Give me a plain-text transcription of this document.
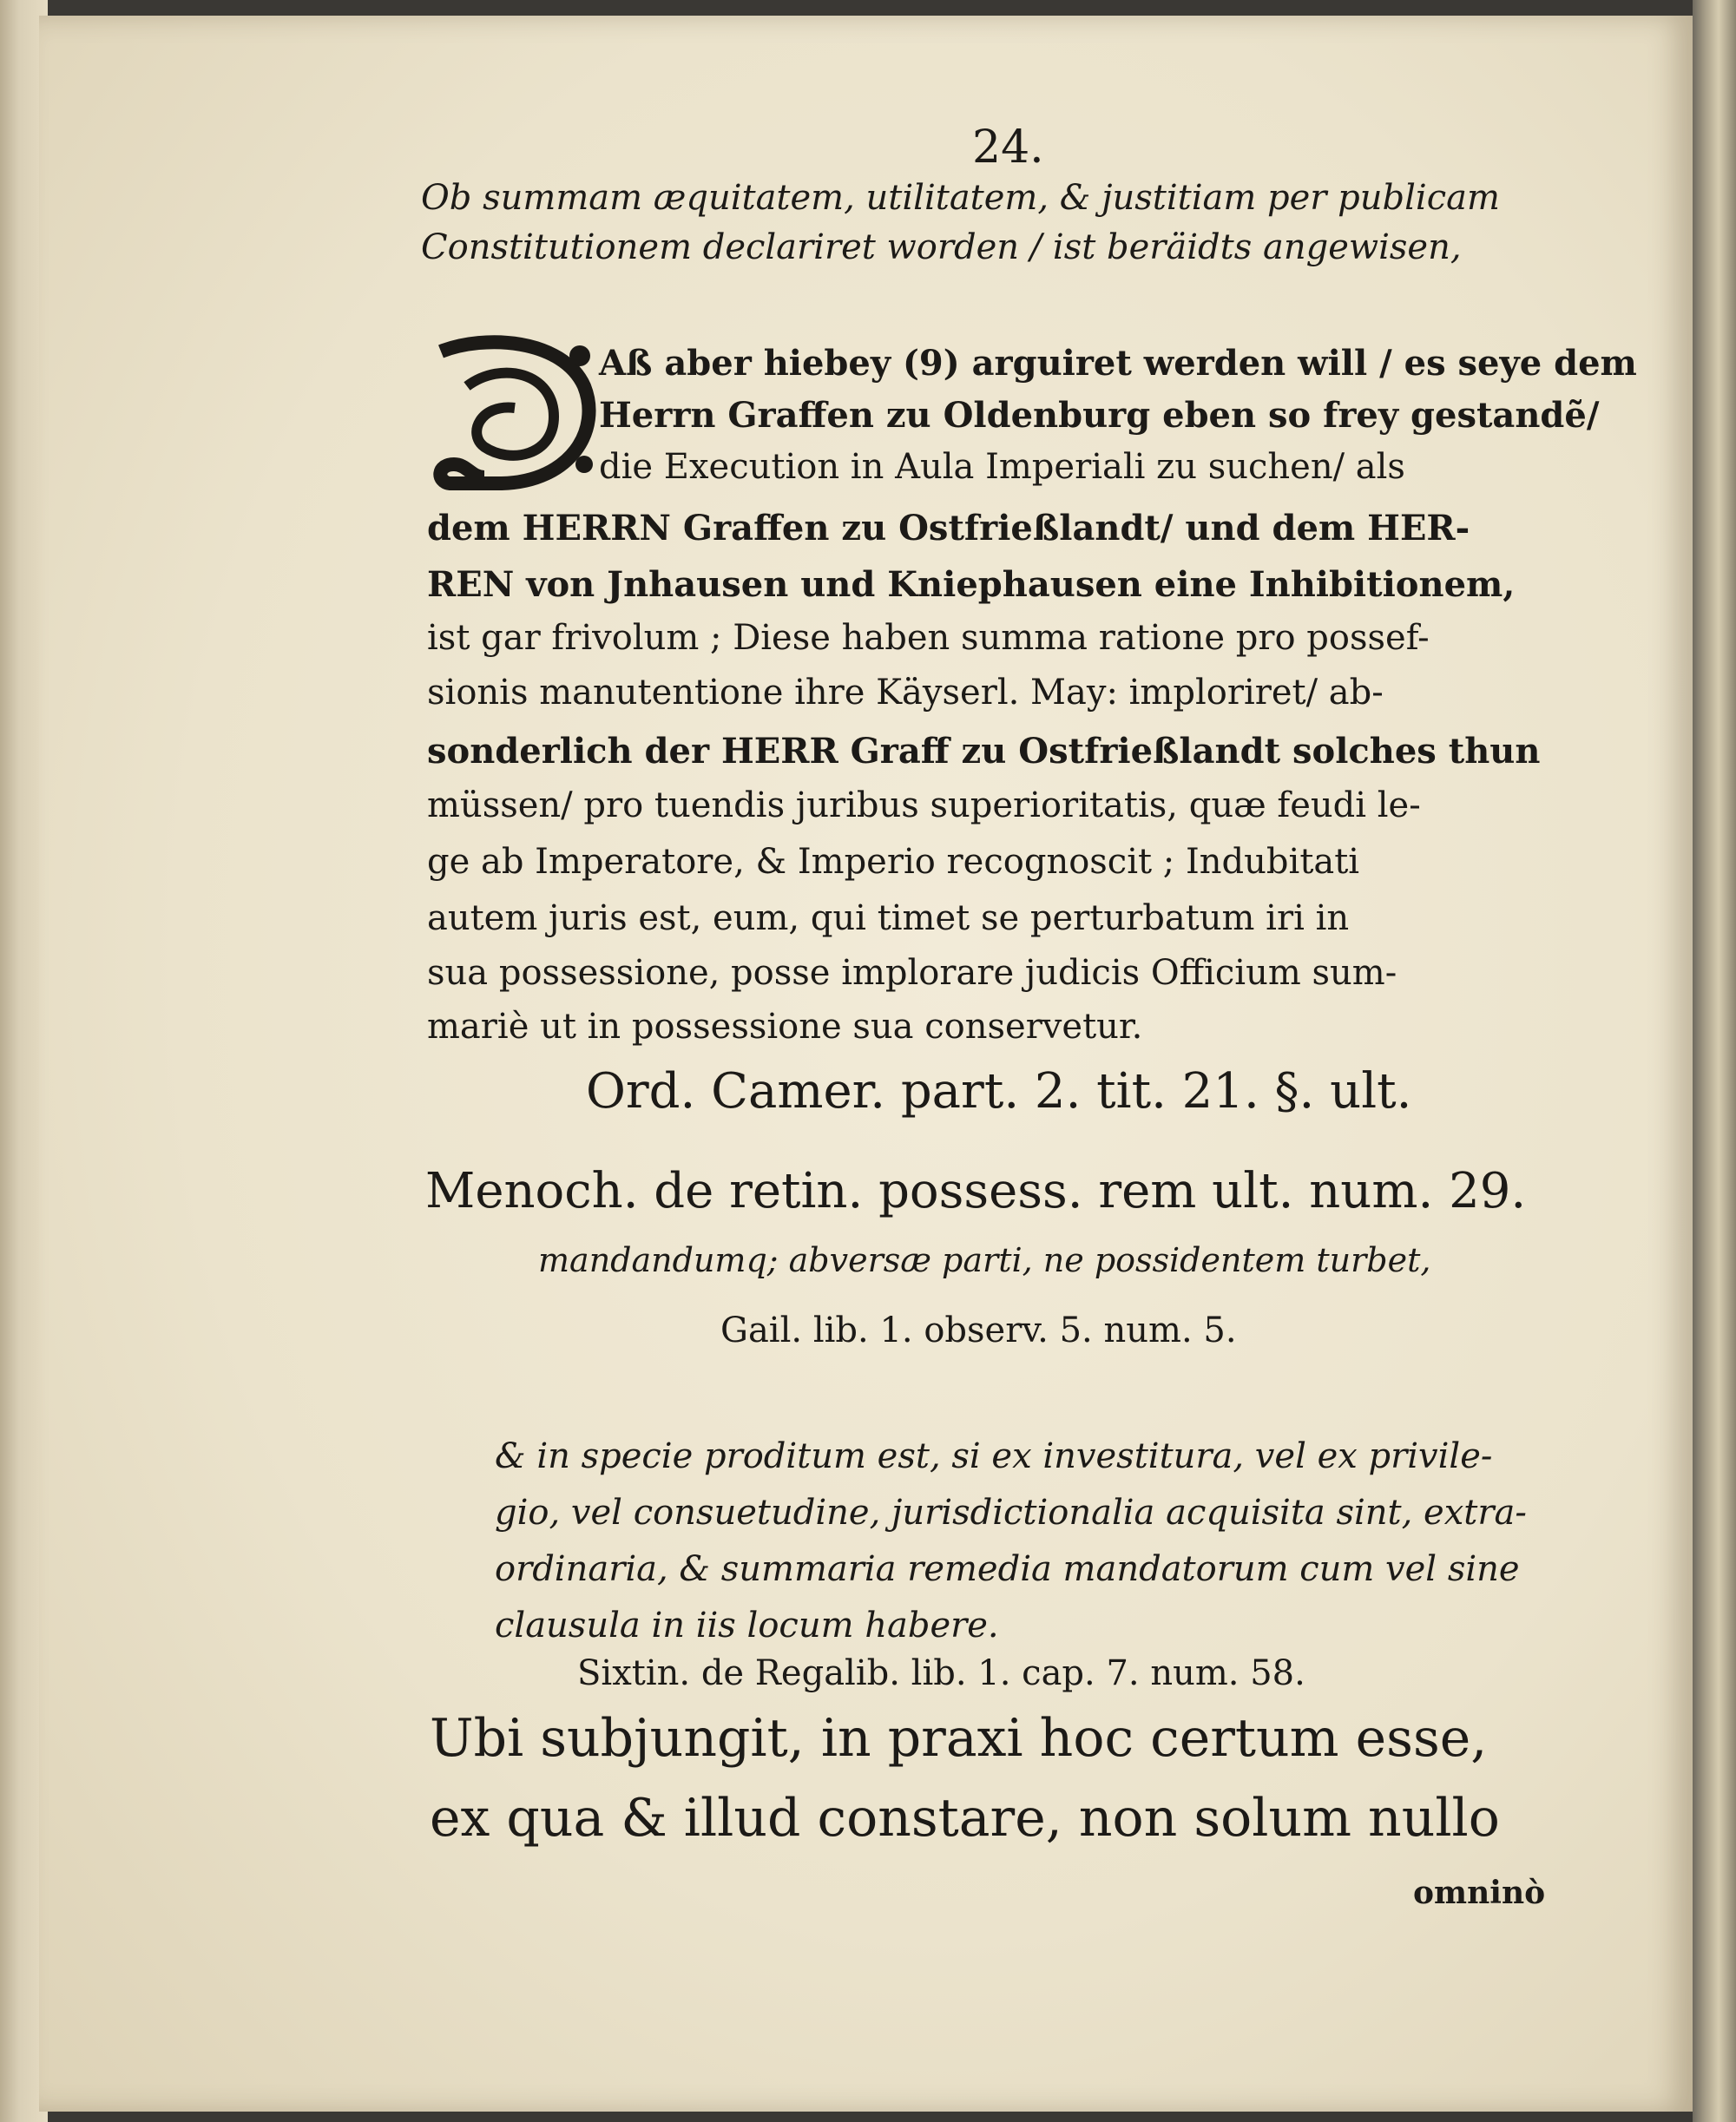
24.
Ob summam æquitatem, utilitatem, & justitiam per publicam
Constitutionem declariret worden / ist beräidts angewisen,
Aß aber hiebey (9) arguiret werden will / es seye dem
Herrn Graffen zu Oldenburg eben so frey gestandẽ/
die Execution in Aula Imperiali zu suchen/ als
dem HERRN Graffen zu Ostfrießlandt/ und dem HER-
REN von Jnhausen und Kniephausen eine Inhibitionem,
ist gar frivolum ; Diese haben summa ratione pro possef-
sionis manutentione ihre Käyserl. May: imploriret/ ab-
sonderlich der HERR Graff zu Ostfrießlandt solches thun
müssen/ pro tuendis juribus superioritatis, quæ feudi le-
ge ab Imperatore, & Imperio recognoscit ; Indubitati
autem juris est, eum, qui timet se perturbatum iri in
sua possessione, posse implorare judicis Officium sum-
mariè ut in possessione sua conservetur.
Ord. Camer. part. 2. tit. 21. §. ult.
Menoch. de retin. possess. rem ult. num. 29.
mandandumq; abversæ parti, ne possidentem turbet,
Gail. lib. 1. observ. 5. num. 5.
& in specie proditum est, si ex investitura, vel ex privile-
gio, vel consuetudine, jurisdictionalia acquisita sint, extra-
ordinaria, & summaria remedia mandatorum cum vel sine
clausula in iis locum habere.
Sixtin. de Regalib. lib. 1. cap. 7. num. 58.
Ubi subjungit, in praxi hoc certum esse,
ex qua & illud constare, non solum nullo
omninò
